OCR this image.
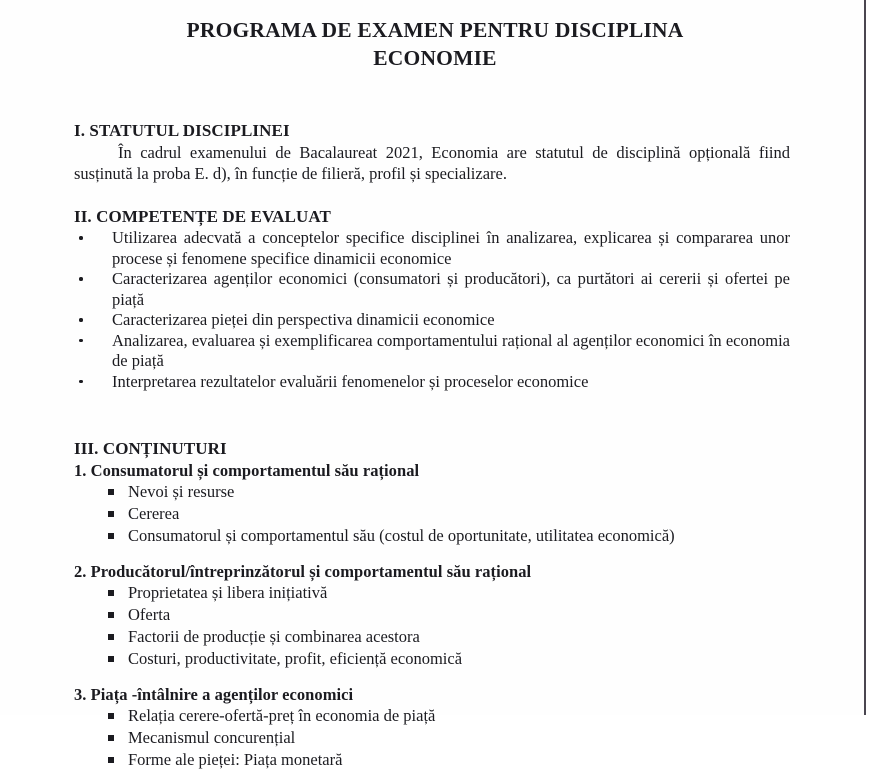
PROGRAMA DE EXAMEN PENTRU DISCIPLINA
ECONOMIE
I. STATUTUL DISCIPLINEI

În cadrul examenului de Bacalaureat 2021, Economia are statutul de disciplină opțională fiind susținută la proba E. d), în funcție de filieră, profil și specializare.

II. COMPETENȚE DE EVALUAT
Utilizarea adecvată a conceptelor specifice disciplinei în analizarea, explicarea și compararea unor procese și fenomene specifice dinamicii economice
Caracterizarea agenților economici (consumatori și producători), ca purtători ai cererii și ofertei pe piață
Caracterizarea pieței din perspectiva dinamicii economice
Analizarea, evaluarea și exemplificarea comportamentului rațional al agenților economici în economia de piață
Interpretarea rezultatelor evaluării fenomenelor și proceselor economice
III. CONȚINUTURI
1. Consumatorul și comportamentul său rațional
Nevoi și resurse
Cererea
Consumatorul și comportamentul său (costul de oportunitate, utilitatea economică)
2. Producătorul/întreprinzătorul și comportamentul său rațional
Proprietatea și libera inițiativă
Oferta
Factorii de producție și combinarea acestora
Costuri, productivitate, profit, eficiență economică
3. Piața -întâlnire a agenților economici
Relația cerere-ofertă-preț în economia de piață
Mecanismul concurențial
Forme ale pieței: Piața monetară
